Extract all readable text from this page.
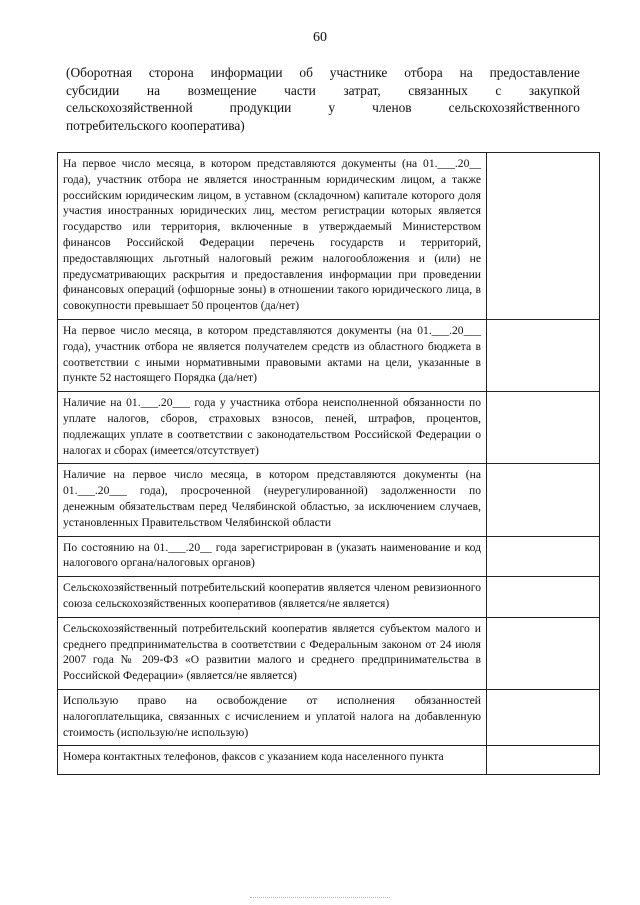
60
(Оборотная сторона информации об участнике отбора на предоставление
субсидии на возмещение части затрат, связанных с закупкой
сельскохозяйственной продукции у членов сельскохозяйственного
потребительского кооператива)
На первое число месяца, в котором представляются документы (на 01.___.20__ года), участник отбора не является иностранным юридическим лицом, а также российским юридическим лицом, в уставном (складочном) капитале которого доля участия иностранных юридических лиц, местом регистрации которых является государство или территория, включенные в утверждаемый Министерством финансов Российской Федерации перечень государств и территорий, предоставляющих льготный налоговый режим налогообложения и (или) не предусматривающих раскрытия и предоставления информации при проведении финансовых операций (офшорные зоны) в отношении такого юридического лица, в совокупности превышает 50 процентов (да/нет)	

На первое число месяца, в котором представляются документы (на 01.___.20___ года), участник отбора не является получателем средств из областного бюджета в соответствии с иными нормативными правовыми актами на цели, указанные в пункте 52 настоящего Порядка (да/нет)	

Наличие на 01.___.20___ года у участника отбора неисполненной обязанности по уплате налогов, сборов, страховых взносов, пеней, штрафов, процентов, подлежащих уплате в соответствии с законодательством Российской Федерации о налогах и сборах (имеется/отсутствует)	

Наличие на первое число месяца, в котором представляются документы (на 01.___.20___ года), просроченной (неурегулированной) задолженности по денежным обязательствам перед Челябинской областью, за исключением случаев, установленных Правительством Челябинской области	

По состоянию на 01.___.20__ года зарегистрирован в (указать наименование и код налогового органа/налоговых органов)	

Сельскохозяйственный потребительский кооператив является членом ревизионного союза сельскохозяйственных кооперативов (является/не является)	

Сельскохозяйственный потребительский кооператив является субъектом малого и среднего предпринимательства в соответствии с Федеральным законом от 24 июля 2007 года № 209-ФЗ «О развитии малого и среднего предпринимательства в Российской Федерации» (является/не является)	

Использую право на освобождение от исполнения обязанностей налогоплательщика, связанных с исчислением и уплатой налога на добавленную стоимость (использую/не использую)	

Номера контактных телефонов, факсов с указанием кода населенного пункта	
